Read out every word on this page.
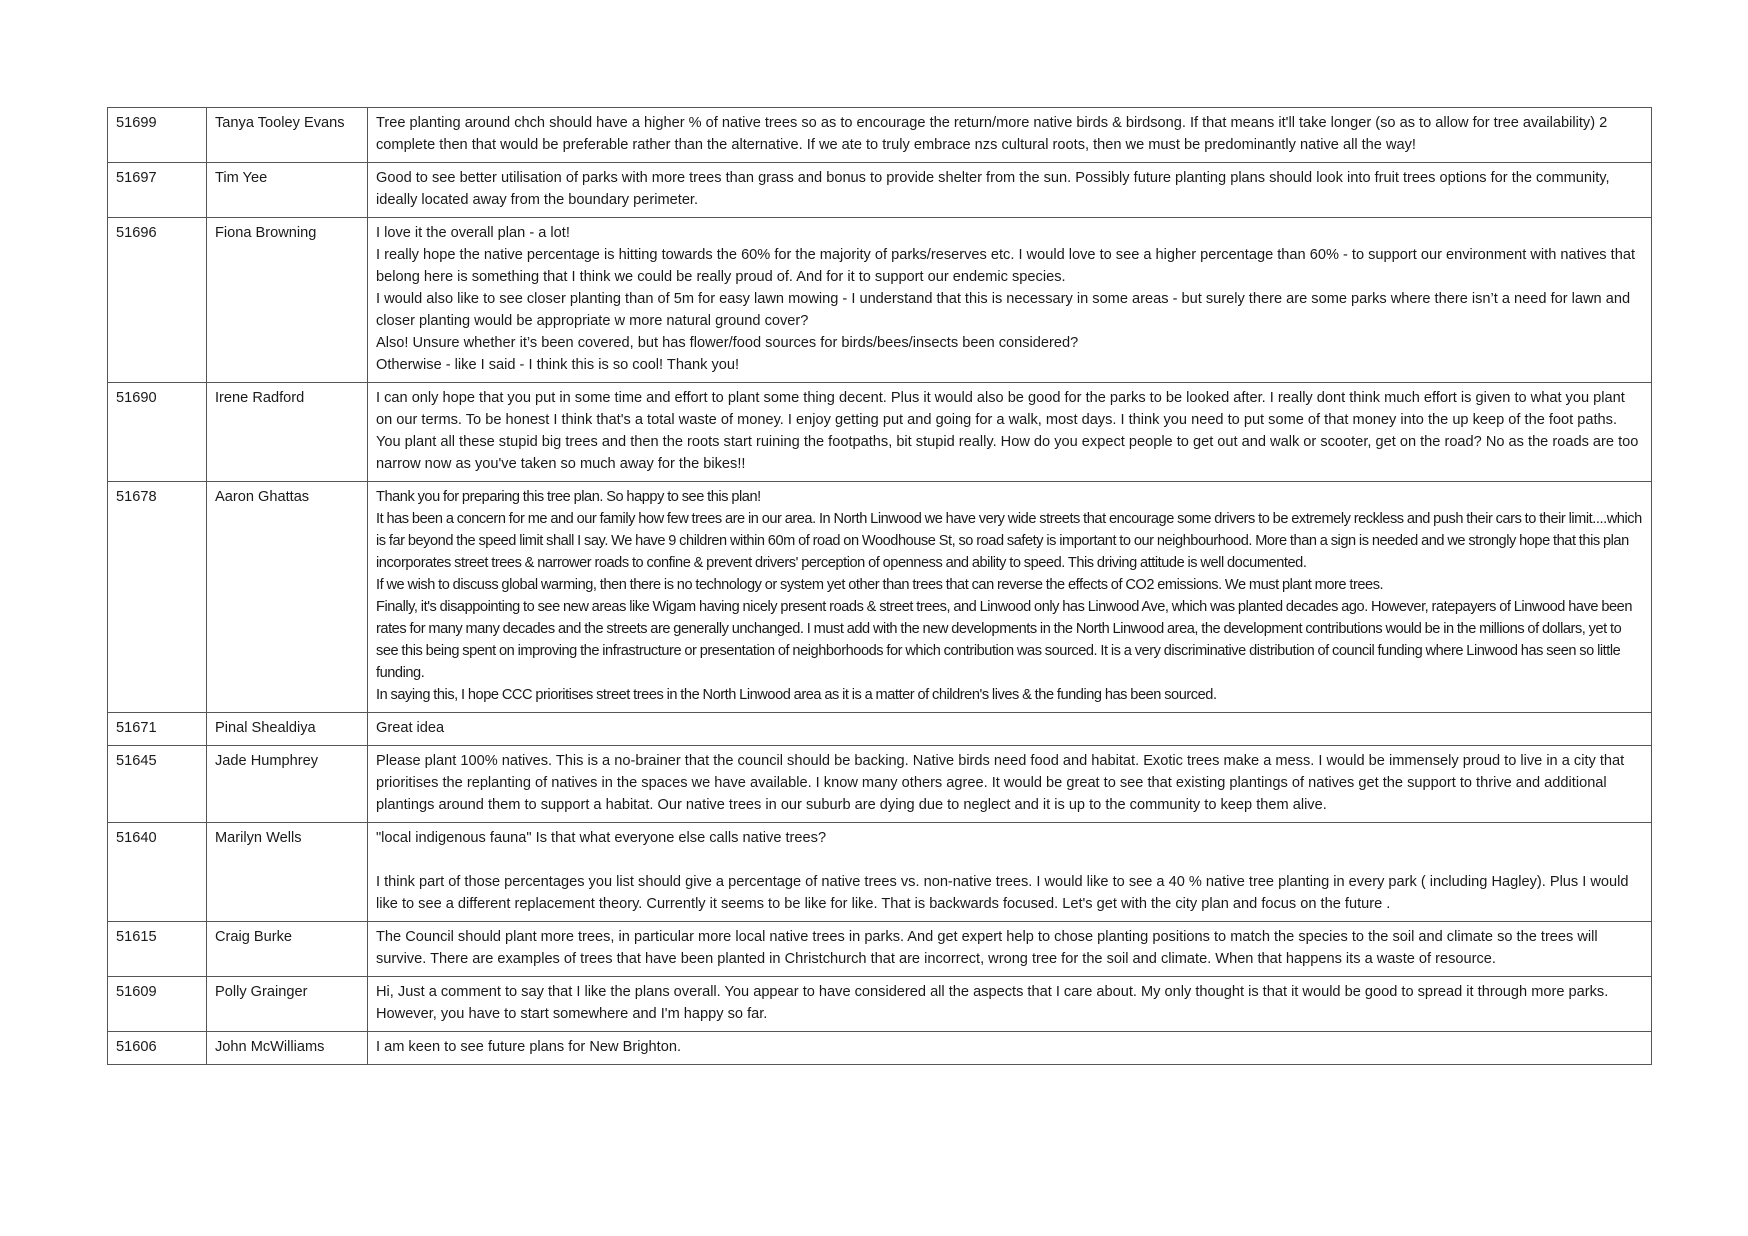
51699	Tanya Tooley Evans	Tree planting around chch should have a higher % of native trees so as to encourage the return/more native birds & birdsong. If that means it'll take longer (so as to allow for tree availability) 2 complete then that would be preferable rather than the alternative. If we ate to truly embrace nzs cultural roots, then we must be predominantly native all the way!

51697	Tim Yee	Good to see better utilisation of parks with more trees than grass and bonus to provide shelter from the sun. Possibly future planting plans should look into fruit trees options for the community, ideally located away from the boundary perimeter.

51696	Fiona Browning	I love it the overall plan - a lot!
I really hope the native percentage is hitting towards the 60% for the majority of parks/reserves etc. I would love to see a higher percentage than 60% - to support our environment with natives that belong here is something that I think we could be really proud of. And for it to support our endemic species.
I would also like to see closer planting than of 5m for easy lawn mowing - I understand that this is necessary in some areas - but surely there are some parks where there isn’t a need for lawn and closer planting would be appropriate w more natural ground cover?
Also! Unsure whether it’s been covered, but has flower/food sources for birds/bees/insects been considered?
Otherwise - like I said - I think this is so cool! Thank you!

51690	Irene Radford	I can only hope that you put in some time and effort to plant some thing decent. Plus it would also be good for the parks to be looked after. I really dont think much effort is given to what you plant on our terms. To be honest I think that's a total waste of money. I enjoy getting put and going for a walk, most days. I think you need to put some of that money into the up keep of the foot paths. You plant all these stupid big trees and then the roots start ruining the footpaths, bit stupid really. How do you expect people to get out and walk or scooter, get on the road? No as the roads are too narrow now as you've taken so much away for the bikes!!

51678	Aaron Ghattas	Thank you for preparing this tree plan. So happy to see this plan!
It has been a concern for me and our family how few trees are in our area. In North Linwood we have very wide streets that encourage some drivers to be extremely reckless and push their cars to their limit....which is far beyond the speed limit shall I say. We have 9 children within 60m of road on Woodhouse St, so road safety is important to our neighbourhood. More than a sign is needed and we strongly hope that this plan incorporates street trees & narrower roads to confine & prevent drivers' perception of openness and ability to speed. This driving attitude is well documented.
If we wish to discuss global warming, then there is no technology or system yet other than trees that can reverse the effects of CO2 emissions. We must plant more trees.
Finally, it's disappointing to see new areas like Wigam having nicely present roads & street trees, and Linwood only has Linwood Ave, which was planted decades ago. However, ratepayers of Linwood have been rates for many many decades and the streets are generally unchanged. I must add with the new developments in the North Linwood area, the development contributions would be in the millions of dollars, yet to see this being spent on improving the infrastructure or presentation of neighborhoods for which contribution was sourced. It is a very discriminative distribution of council funding where Linwood has seen so little funding.
In saying this, I hope CCC prioritises street trees in the North Linwood area as it is a matter of children's lives & the funding has been sourced.

51671	Pinal Shealdiya	Great idea

51645	Jade Humphrey	Please plant 100% natives. This is a no-brainer that the council should be backing. Native birds need food and habitat. Exotic trees make a mess. I would be immensely proud to live in a city that prioritises the replanting of natives in the spaces we have available. I know many others agree. It would be great to see that existing plantings of natives get the support to thrive and additional plantings around them to support a habitat. Our native trees in our suburb are dying due to neglect and it is up to the community to keep them alive.

51640	Marilyn Wells	"local indigenous fauna" Is that what everyone else calls native trees?
I think part of those percentages you list should give a percentage of native trees vs. non-native trees. I would like to see a 40 % native tree planting in every park ( including Hagley). Plus I would like to see a different replacement theory. Currently it seems to be like for like. That is backwards focused. Let's get with the city plan and focus on the future .

51615	Craig Burke	The Council should plant more trees, in particular more local native trees in parks. And get expert help to chose planting positions to match the species to the soil and climate so the trees will survive. There are examples of trees that have been planted in Christchurch that are incorrect, wrong tree for the soil and climate. When that happens its a waste of resource.

51609	Polly Grainger	Hi, Just a comment to say that I like the plans overall. You appear to have considered all the aspects that I care about. My only thought is that it would be good to spread it through more parks. However, you have to start somewhere and I'm happy so far.

51606	John McWilliams	I am keen to see future plans for New Brighton.
